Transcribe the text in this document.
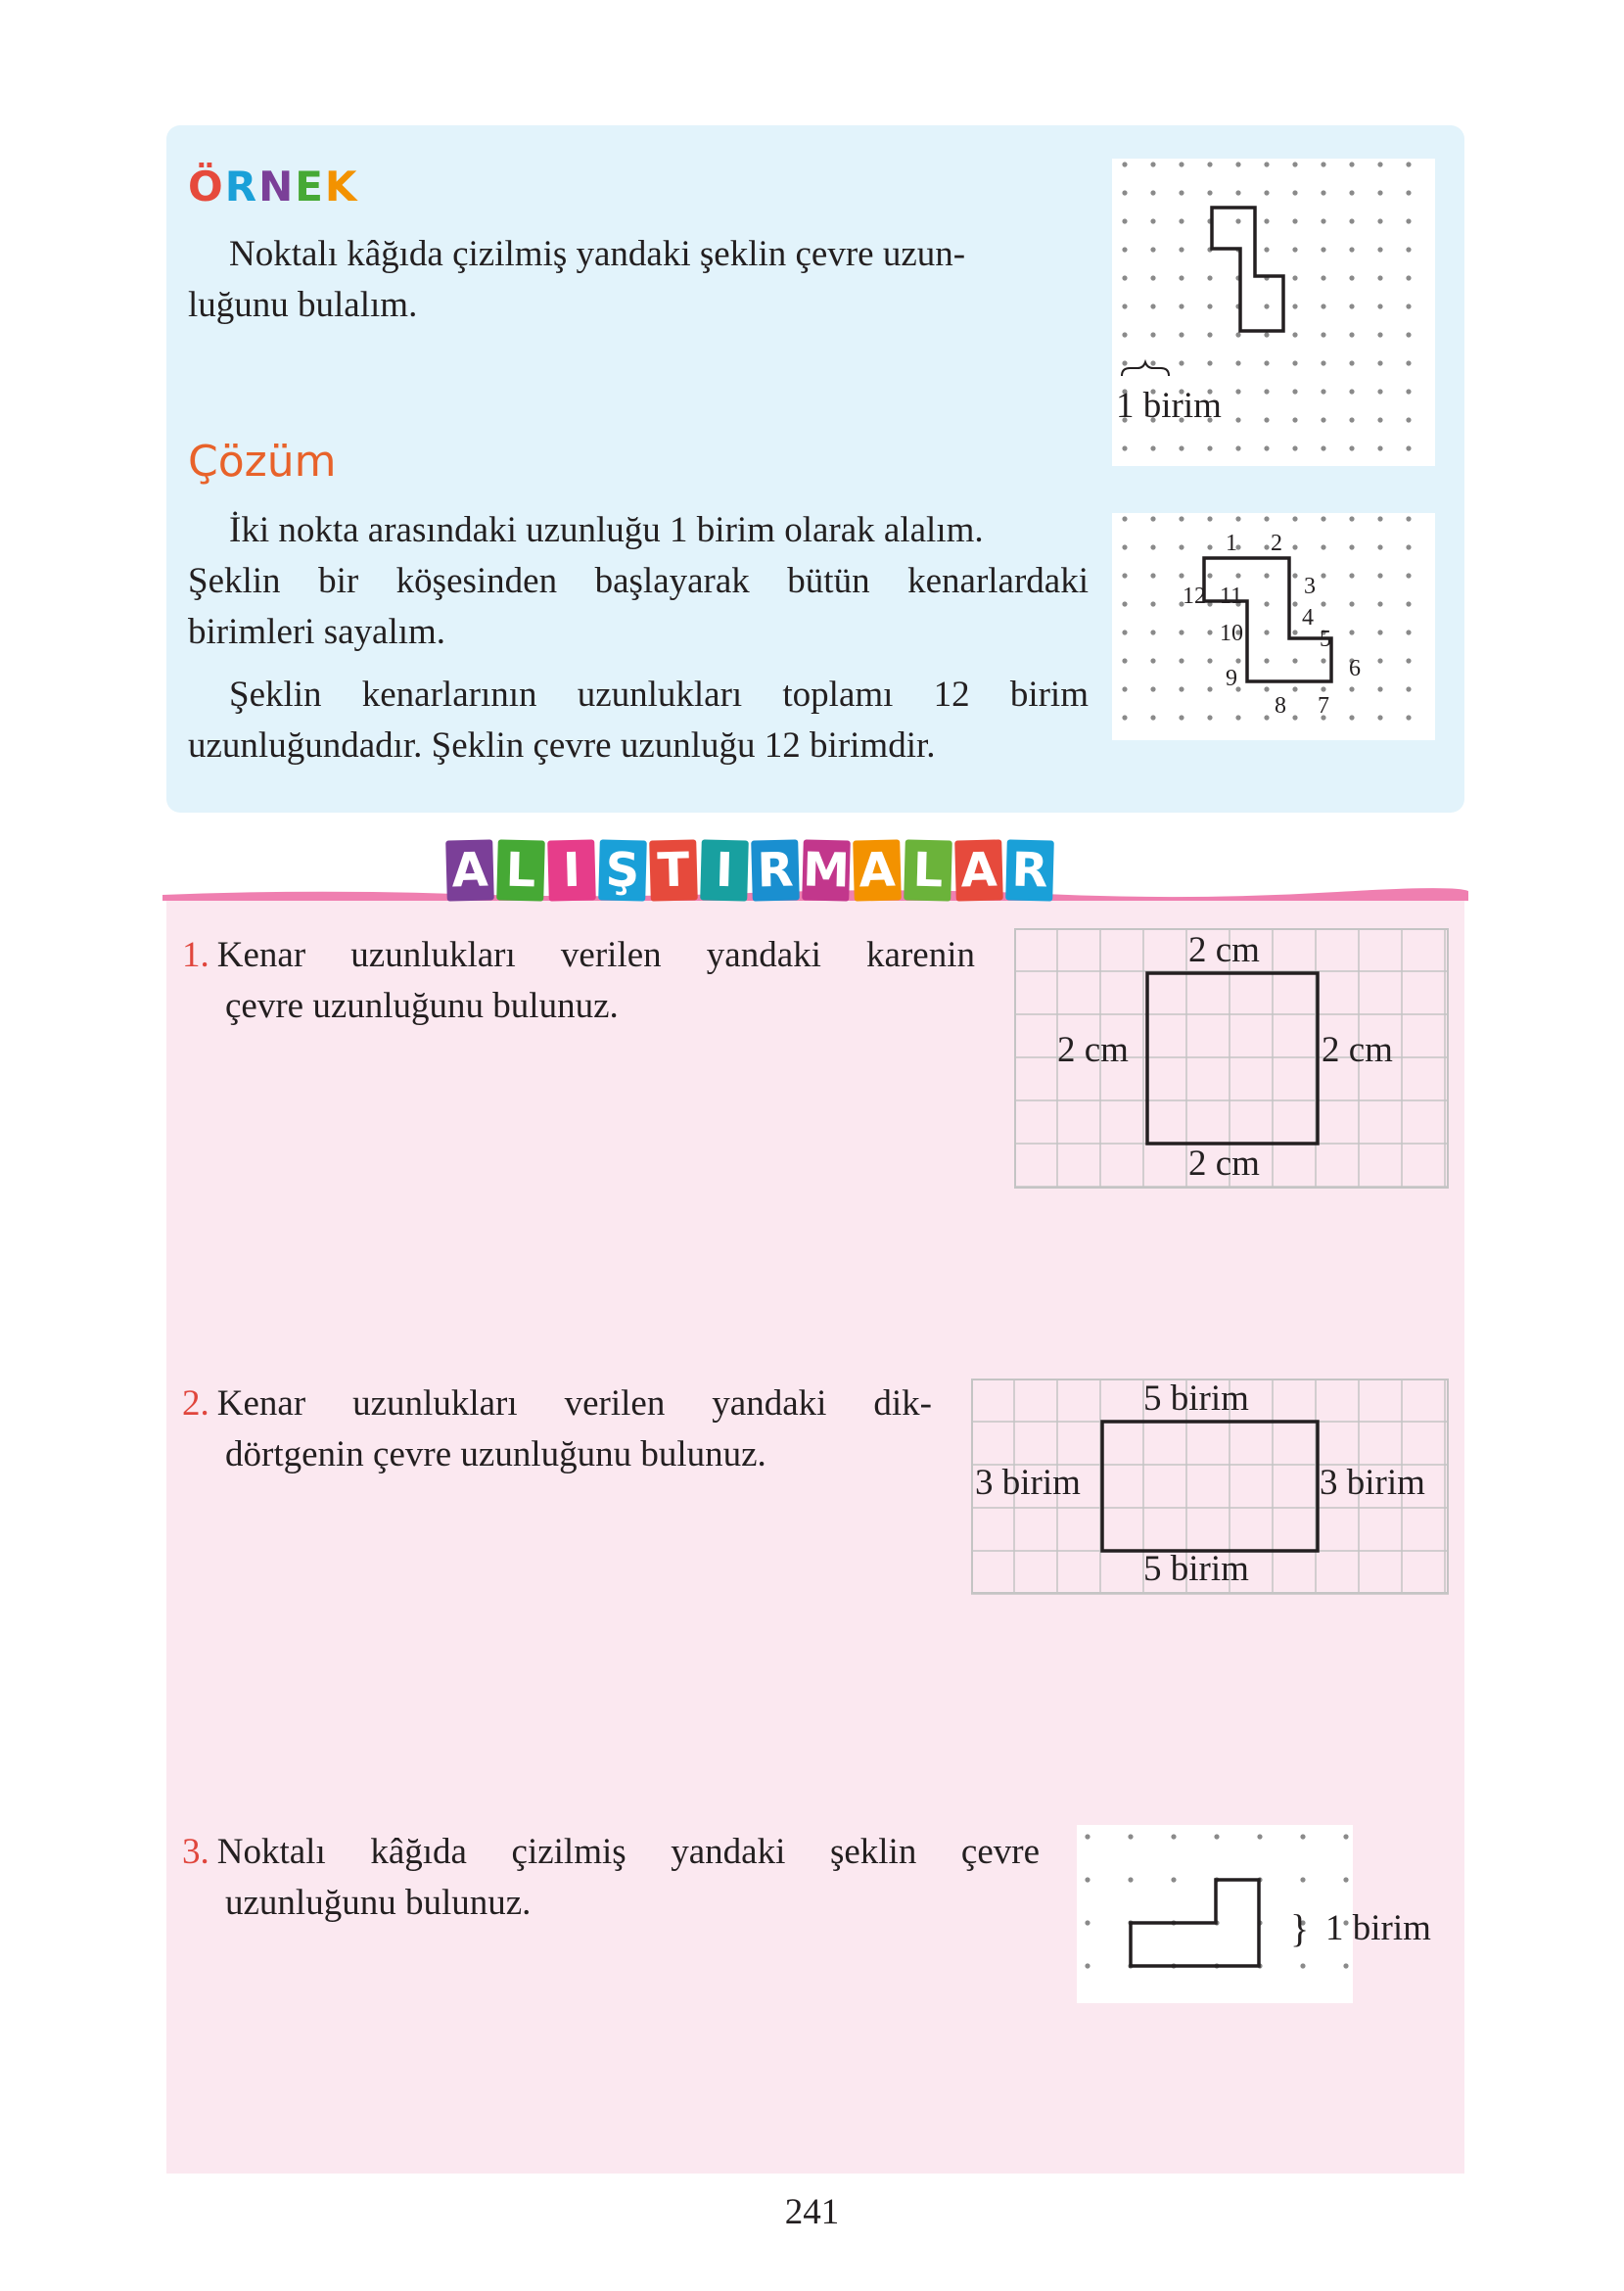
ÖRNEK
Noktalı kâğıda çizilmiş yandaki şeklin çevre uzun-
luğunu bulalım.
1 birim
Çözüm
İki nokta arasındaki uzunluğu 1 birim olarak alalım.
Şeklin bir köşesinden başlayarak bütün kenarlardaki
birimleri sayalım.
Şeklin kenarlarının uzunlukları toplamı 12 birim
uzunluğundadır. Şeklin çevre uzunluğu 12 birimdir.
1 2
3
4
5
6
7
8
9
10
11
12
A L I Ş T I R M A L A R
1. Kenar uzunlukları verilen yandaki karenin
çevre uzunluğunu bulunuz.
2 cm
2 cm	2 cm
2 cm
2. Kenar uzunlukları verilen yandaki dik-
dörtgenin çevre uzunluğunu bulunuz.
5 birim
3 birim	3 birim
5 birim
3. Noktalı kâğıda çizilmiş yandaki şeklin çevre
uzunluğunu bulunuz.
} 1 birim
241
